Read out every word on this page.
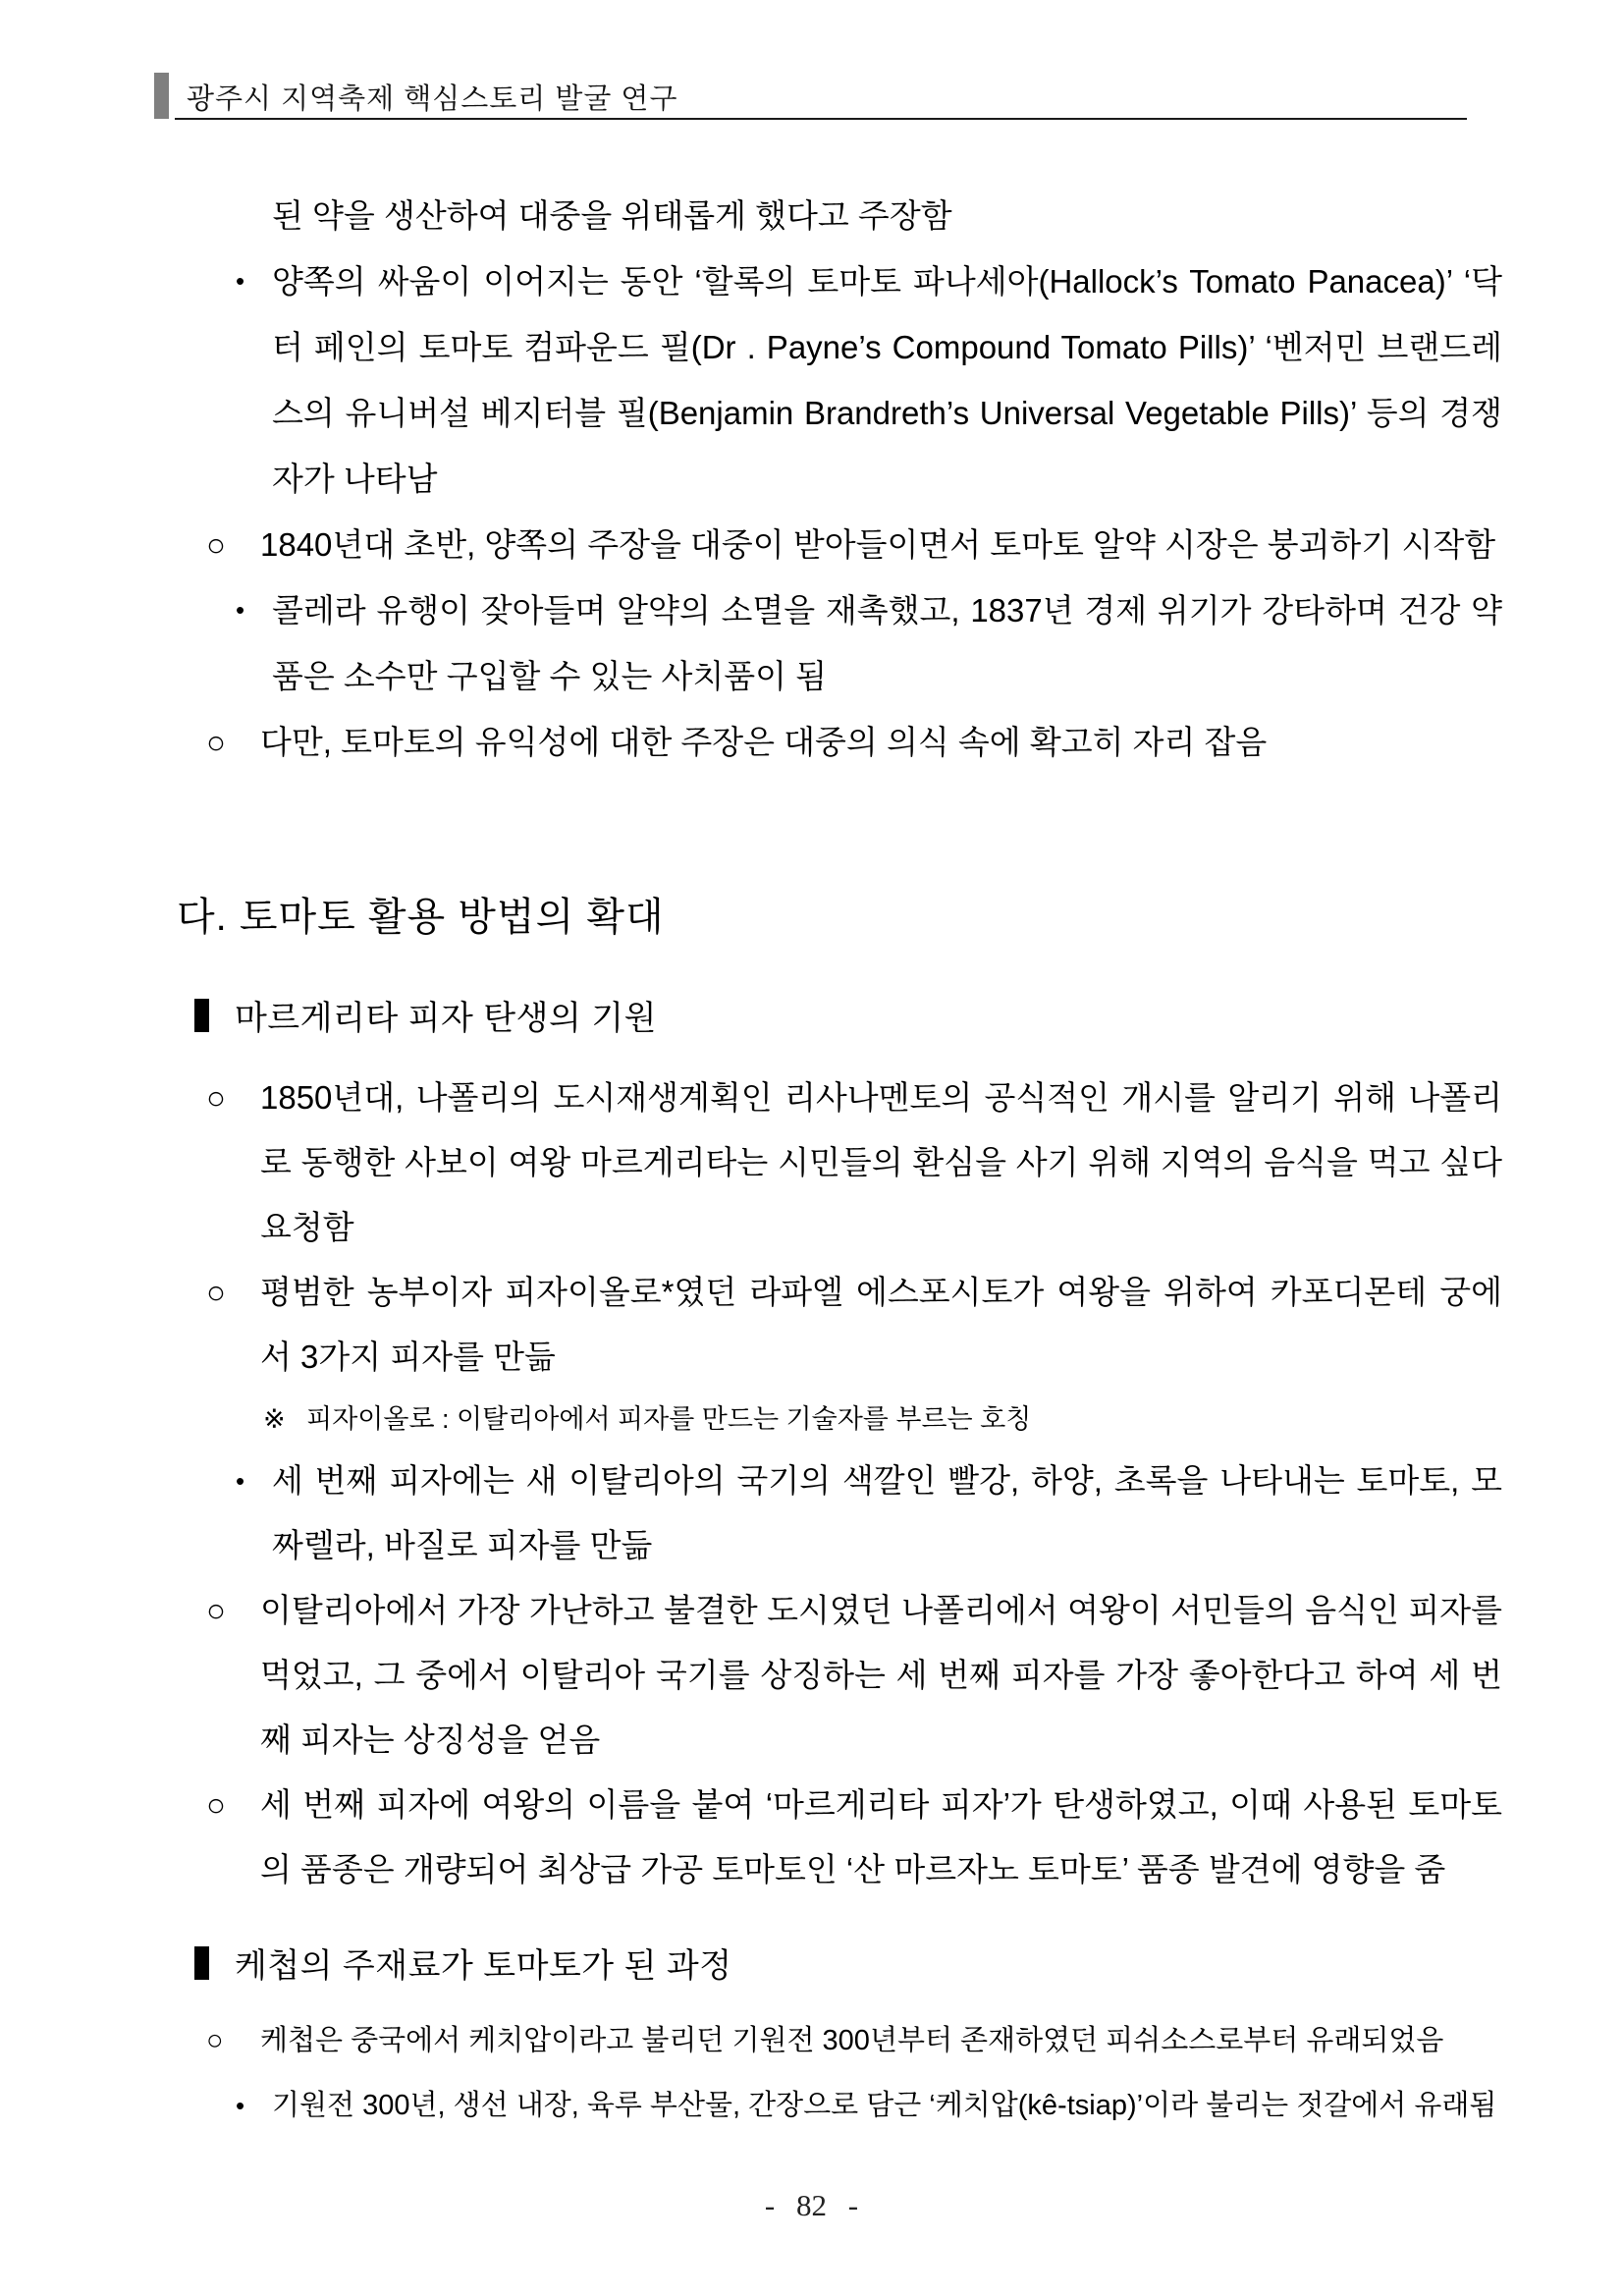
광주시 지역축제 핵심스토리 발굴 연구

된 약을 생산하여 대중을 위태롭게 했다고 주장함

• 양쪽의 싸움이 이어지는 동안 ‘할록의 토마토 파나세아(Hallock’s Tomato Panacea)’ ‘닥터 페인의 토마토 컴파운드 필(Dr . Payne’s Compound Tomato Pills)’ ‘벤저민 브랜드레스의 유니버설 베지터블 필(Benjamin Brandreth’s Universal Vegetable Pills)’ 등의 경쟁자가 나타남

○ 1840년대 초반, 양쪽의 주장을 대중이 받아들이면서 토마토 알약 시장은 붕괴하기 시작함

• 콜레라 유행이 잦아들며 알약의 소멸을 재촉했고, 1837년 경제 위기가 강타하며 건강 약품은 소수만 구입할 수 있는 사치품이 됨

○ 다만, 토마토의 유익성에 대한 주장은 대중의 의식 속에 확고히 자리 잡음

다. 토마토 활용 방법의 확대
마르게리타 피자 탄생의 기원

○ 1850년대, 나폴리의 도시재생계획인 리사나멘토의 공식적인 개시를 알리기 위해 나폴리로 동행한 사보이 여왕 마르게리타는 시민들의 환심을 사기 위해 지역의 음식을 먹고 싶다 요청함

○ 평범한 농부이자 피자이올로*였던 라파엘 에스포시토가 여왕을 위하여 카포디몬테 궁에서 3가지 피자를 만듦

※ 피자이올로 : 이탈리아에서 피자를 만드는 기술자를 부르는 호칭

• 세 번째 피자에는 새 이탈리아의 국기의 색깔인 빨강, 하양, 초록을 나타내는 토마토, 모짜렐라, 바질로 피자를 만듦

○ 이탈리아에서 가장 가난하고 불결한 도시였던 나폴리에서 여왕이 서민들의 음식인 피자를 먹었고, 그 중에서 이탈리아 국기를 상징하는 세 번째 피자를 가장 좋아한다고 하여 세 번째 피자는 상징성을 얻음

○ 세 번째 피자에 여왕의 이름을 붙여 ‘마르게리타 피자’가 탄생하였고, 이때 사용된 토마토의 품종은 개량되어 최상급 가공 토마토인 ‘산 마르자노 토마토’ 품종 발견에 영향을 줌

케첩의 주재료가 토마토가 된 과정

○ 케첩은 중국에서 케치압이라고 불리던 기원전 300년부터 존재하였던 피쉬소스로부터 유래되었음

• 기원전 300년, 생선 내장, 육루 부산물, 간장으로 담근 ‘케치압(kê-tsiap)’이라 불리는 젓갈에서 유래됨

- 82 -
